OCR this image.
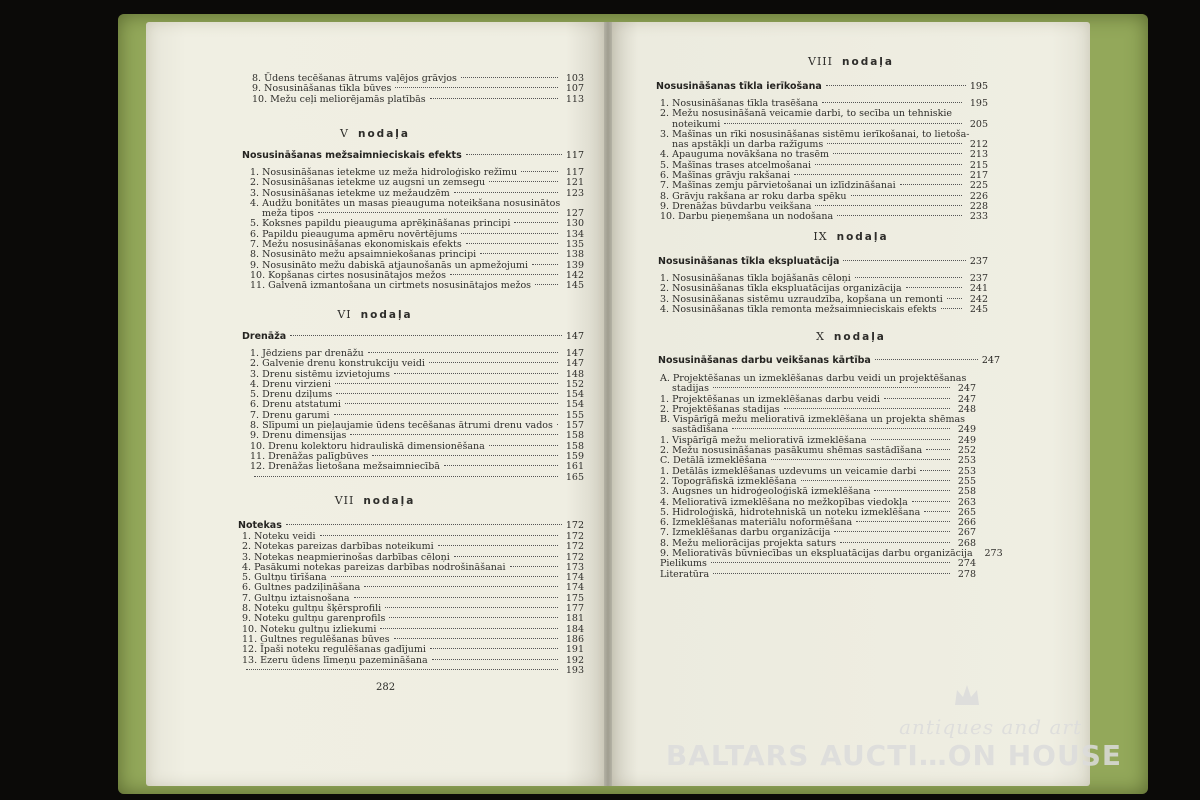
8. Ūdens tecēšanas ātrums vaļējos grāvjos	103
9. Nosusināšanas tīkla būves	107
10. Mežu ceļi meliorējamās platībās	113
V nodaļa
Nosusināšanas mežsaimnieciskais efekts	117
1. Nosusināšanas ietekme uz meža hidroloģisko režīmu	117
2. Nosusināšanas ietekme uz augsni un zemsegu	121
3. Nosusināšanas ietekme uz mežaudzēm	123
4. Audžu bonitātes un masas pieauguma noteikšana nosusinātos
meža tipos	127
5. Koksnes papildu pieauguma aprēķināšanas principi	130
6. Papildu pieauguma apmēru novērtējums	134
7. Mežu nosusināšanas ekonomiskais efekts	135
8. Nosusināto mežu apsaimniekošanas principi	138
9. Nosusināto mežu dabiskā atjaunošanās un apmežojumi	139
10. Kopšanas cirtes nosusinātajos mežos	142
11. Galvenā izmantošana un cirtmets nosusinātajos mežos	145
VI nodaļa
Drenāža	147
1. Jēdziens par drenāžu	147
2. Galvenie drenu konstrukciju veidi	147
3. Drenu sistēmu izvietojums	148
4. Drenu virzieni	152
5. Drenu dziļums	154
6. Drenu atstatumi	154
7. Drenu garumi	155
8. Slīpumi un pieļaujamie ūdens tecēšanas ātrumi drenu vados	157
9. Drenu dimensijas	158
10. Drenu kolektoru hidrauliskā dimensionēšana	158
11. Drenāžas palīgbūves	159
12. Drenāžas lietošana mežsaimniecībā	161
165
VII nodaļa
Notekas	172
1. Noteku veidi	172
2. Notekas pareizas darbības noteikumi	172
3. Notekas neapmierinošas darbības cēloņi	172
4. Pasākumi notekas pareizas darbības nodrošināšanai	173
5. Gultņu tīrīšana	174
6. Gultnes padziļināšana	174
7. Gultņu iztaisnošana	175
8. Noteku gultņu šķērsprofili	177
9. Noteku gultņu garenprofils	181
10. Noteku gultņu izliekumi	184
11. Gultnes regulēšanas būves	186
12. Īpaši noteku regulēšanas gadījumi	191
13. Ezeru ūdens līmeņu pazemināšana	192
193
282
VIII nodaļa
Nosusināšanas tīkla ierīkošana	195
1. Nosusināšanas tīkla trasēšana	195
2. Mežu nosusināšanā veicamie darbi, to secība un tehniskie
noteikumi	205
3. Mašīnas un rīki nosusināšanas sistēmu ierīkošanai, to lietoša-
nas apstākļi un darba ražīgums	212
4. Apauguma novākšana no trasēm	213
5. Mašīnas trases atcelmošanai	215
6. Mašīnas grāvju rakšanai	217
7. Mašīnas zemju pārvietošanai un izlīdzināšanai	225
8. Grāvju rakšana ar roku darba spēku	226
9. Drenāžas būvdarbu veikšana	228
10. Darbu pieņemšana un nodošana	233
IX nodaļa
Nosusināšanas tīkla ekspluatācija	237
1. Nosusināšanas tīkla bojāšanās cēloņi	237
2. Nosusināšanas tīkla ekspluatācijas organizācija	241
3. Nosusināšanas sistēmu uzraudzība, kopšana un remonti	242
4. Nosusināšanas tīkla remonta mežsaimnieciskais efekts	245
X nodaļa
Nosusināšanas darbu veikšanas kārtība	247
A. Projektēšanas un izmeklēšanas darbu veidi un projektēšanas
stadijas	247
1. Projektēšanas un izmeklēšanas darbu veidi	247
2. Projektēšanas stadijas	248
B. Vispārīgā mežu meliorativā izmeklēšana un projekta shēmas
sastādīšana	249
1. Vispārīgā mežu meliorativā izmeklēšana	249
2. Mežu nosusināšanas pasākumu shēmas sastādīšana	252
C. Detālā izmeklēšana	253
1. Detālās izmeklēšanas uzdevums un veicamie darbi	253
2. Topogrāfiskā izmeklēšana	255
3. Augsnes un hidroģeoloģiskā izmeklēšana	258
4. Meliorativā izmeklēšana no mežkopības viedokļa	263
5. Hidroloģiskā, hidrotehniskā un noteku izmeklēšana	265
6. Izmeklēšanas materiālu noformēšana	266
7. Izmeklēšanas darbu organizācija	267
8. Mežu meliorācijas projekta saturs	268
9. Meliorativās būvniecības un ekspluatācijas darbu organizācija	273
Pielikums	274
Literatūra	278
antiques and art
BALTARS AUCTI…ON HOUSE
